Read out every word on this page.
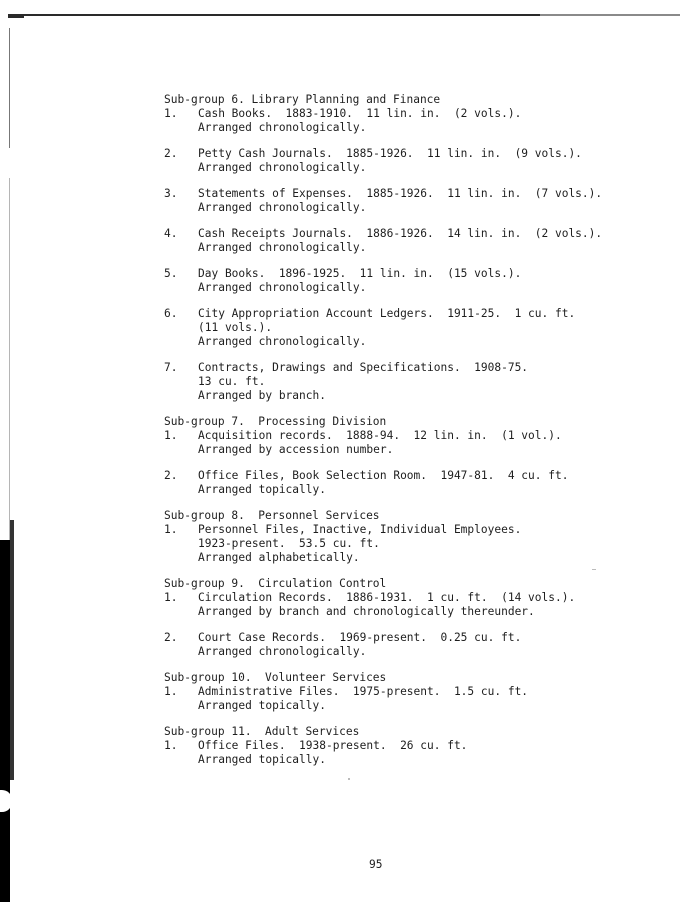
Sub-group 6. Library Planning and Finance
1. Cash Books.  1883-1910.  11 lin. in.  (2 vols.).
Arranged chronologically.
2. Petty Cash Journals.  1885-1926.  11 lin. in.  (9 vols.).
Arranged chronologically.
3. Statements of Expenses.  1885-1926.  11 lin. in.  (7 vols.).
Arranged chronologically.
4. Cash Receipts Journals.  1886-1926.  14 lin. in.  (2 vols.).
Arranged chronologically.
5. Day Books.  1896-1925.  11 lin. in.  (15 vols.).
Arranged chronologically.
6. City Appropriation Account Ledgers.  1911-25.  1 cu. ft.
(11 vols.).
Arranged chronologically.
7. Contracts, Drawings and Specifications.  1908-75.
13 cu. ft.
Arranged by branch.
Sub-group 7.  Processing Division
1. Acquisition records.  1888-94.  12 lin. in.  (1 vol.).
Arranged by accession number.
2. Office Files, Book Selection Room.  1947-81.  4 cu. ft.
Arranged topically.
Sub-group 8.  Personnel Services
1. Personnel Files, Inactive, Individual Employees.
1923-present.  53.5 cu. ft.
Arranged alphabetically.
Sub-group 9.  Circulation Control
1. Circulation Records.  1886-1931.  1 cu. ft.  (14 vols.).
Arranged by branch and chronologically thereunder.
2. Court Case Records.  1969-present.  0.25 cu. ft.
Arranged chronologically.
Sub-group 10.  Volunteer Services
1. Administrative Files.  1975-present.  1.5 cu. ft.
Arranged topically.
Sub-group 11.  Adult Services
1. Office Files.  1938-present.  26 cu. ft.
Arranged topically.
95
